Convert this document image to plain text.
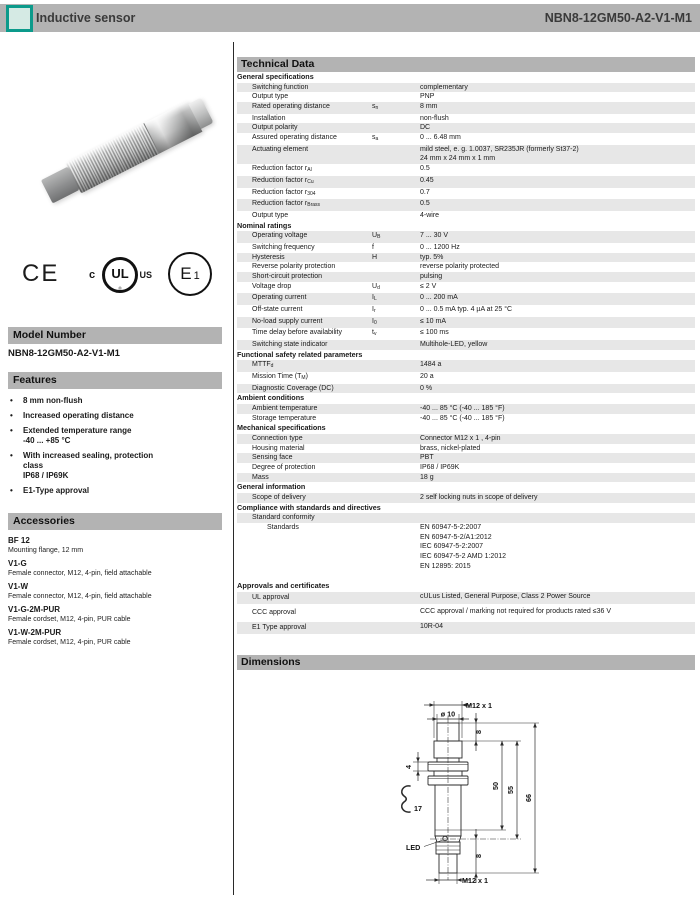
Inductive sensor	NBN8-12GM50-A2-V1-M1
CE	c	UL
®
US E 1
Model Number
NBN8-12GM50-A2-V1-M1
Features
• 8 mm non-flush
• Increased operating distance
• Extended temperature range
-40 ... +85 °C
• With increased sealing, protection
class
IP68 / IP69K
• E1-Type approval
Accessories
BF 12
Mounting flange, 12 mm
V1-G
Female connector, M12, 4-pin, field attachable
V1-W
Female connector, M12, 4-pin, field attachable
V1-G-2M-PUR
Female cordset, M12, 4-pin, PUR cable
V1-W-2M-PUR
Female cordset, M12, 4-pin, PUR cable
Technical Data
General specifications
Switching function	complementary
Output type	PNP
Rated operating distance	$s_n$	8 mm
Installation	non-flush
Output polarity	DC
Assured operating distance	$s_a$	0 ... 6.48 mm
Actuating element	mild steel, e. g. 1.0037, SR235JR (formerly St37-2)
24 mm x 24 mm x 1 mm
Reduction factor $r_{Al}$	0.5
Reduction factor $r_{Cu}$	0.45
Reduction factor $r_{304}$	0.7
Reduction factor $r_{Brass}$	0.5
Output type	4-wire
Nominal ratings
Operating voltage	$U_B$	7 ... 30 V
Switching frequency	f	0 ... 1200 Hz
Hysteresis	H	typ. 5%
Reverse polarity protection	reverse polarity protected
Short-circuit protection	pulsing
Voltage drop	$U_d$	≤ 2 V
Operating current	$I_L$	0 ... 200 mA
Off-state current	$I_r$	0 ... 0.5 mA typ. 4 µA at 25 °C
No-load supply current	$I_0$	≤ 10 mA
Time delay before availability	$t_v$	≤ 100 ms
Switching state indicator	Multihole-LED, yellow
Functional safety related parameters
$MTTF_d$	1484 a
Mission Time $(T_M)$	20 a
Diagnostic Coverage (DC)	0 %
Ambient conditions
Ambient temperature	-40 ... 85 °C (-40 ... 185 °F)
Storage temperature	-40 ... 85 °C (-40 ... 185 °F)
Mechanical specifications
Connection type	Connector M12 x 1 , 4-pin
Housing material	brass, nickel-plated
Sensing face	PBT
Degree of protection	IP68 / IP69K
Mass	18 g
General information
Scope of delivery	2 self locking nuts in scope of delivery
Compliance with standards and directives
Standard conformity
Standards	EN 60947-5-2:2007
EN 60947-5-2/A1:2012
IEC 60947-5-2:2007
IEC 60947-5-2 AMD 1:2012
EN 12895: 2015
Approvals and certificates
UL approval	cULus Listed, General Purpose, Class 2 Power Source
CCC approval	CCC approval / marking not required for products rated ≤36 V
E1 Type approval	10R-04
Dimensions
M12 x 1
ø 10
8
4
17
50 55
66
LED
8
M12 x 1
